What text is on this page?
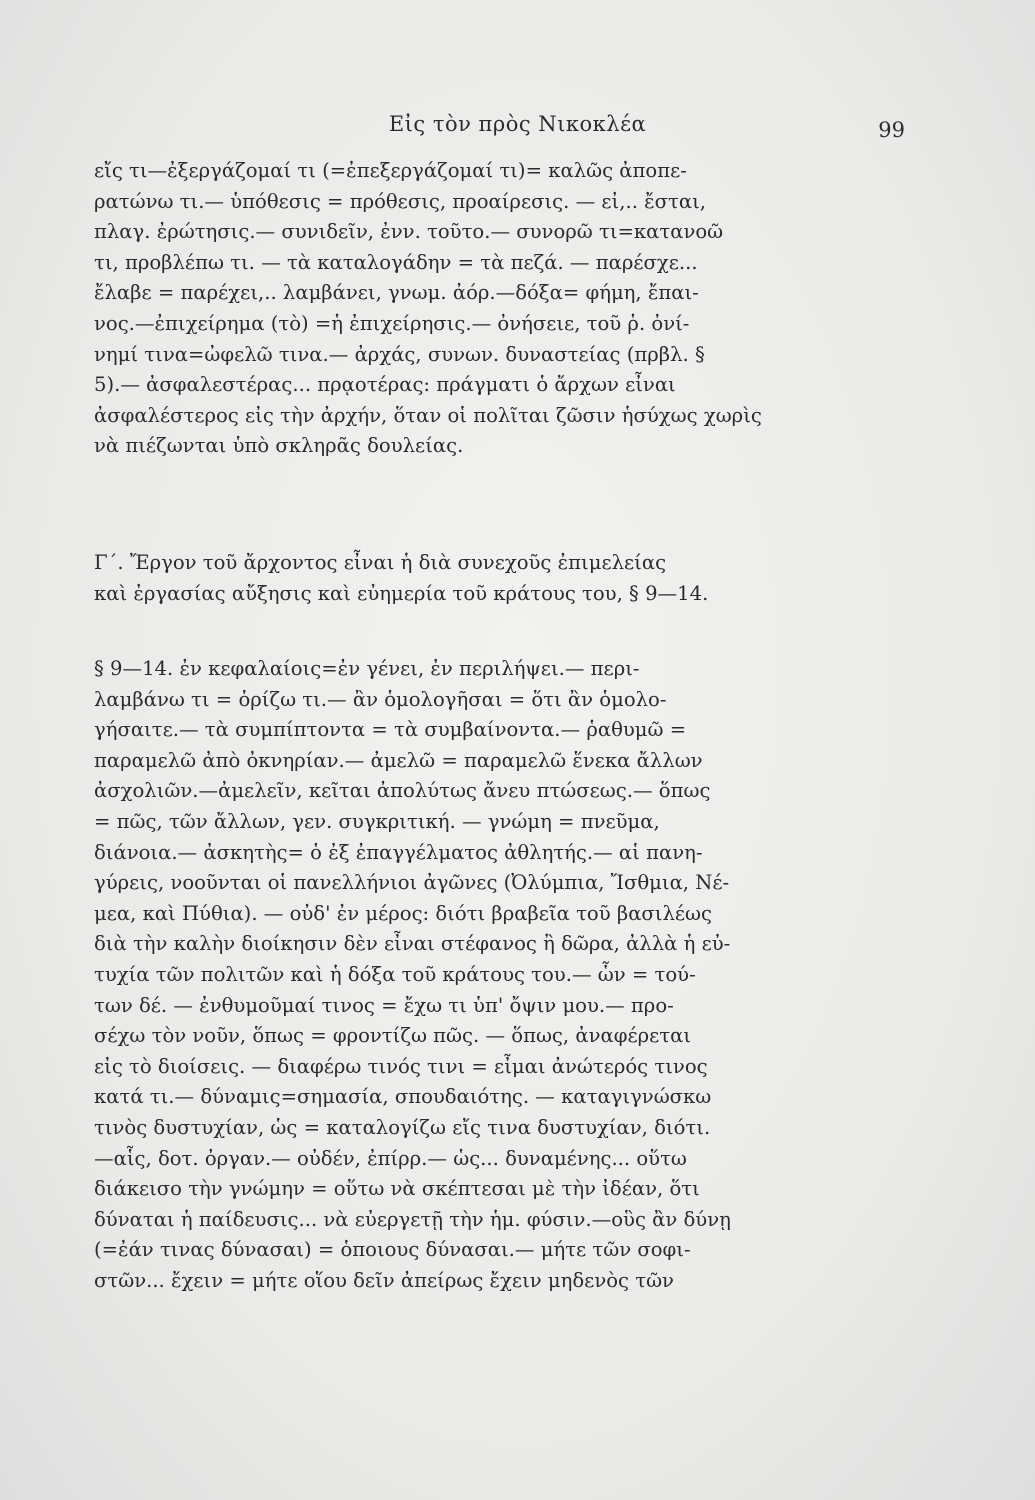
Εἰς τὸν πρὸς Νικοκλέα	99
εἴς τι—ἐξεργάζομαί τι (=ἐπεξεργάζομαί τι)= καλῶς ἀποπε-
ρατώνω τι.— ὑπόθεσις = πρόθεσις, προαίρεσις. — εἰ,.. ἔσται,
πλαγ. ἐρώτησις.— συνιδεῖν, ἐνν. τοῦτο.— συνορῶ τι=κατανοῶ
τι, προβλέπω τι. — τὰ καταλογάδην = τὰ πεζά. — παρέσχε...
ἔλαβε = παρέχει,.. λαμβάνει, γνωμ. ἀόρ.—δόξα= φήμη, ἔπαι-
νος.—ἐπιχείρημα (τὸ) =ἡ ἐπιχείρησις.— ὀνήσειε, τοῦ ῥ. ὀνί-
νημί τινα=ὠφελῶ τινα.— ἀρχάς, συνων. δυναστείας (πρβλ. §
5).— ἀσφαλεστέρας... πρᾳοτέρας: πράγματι ὁ ἄρχων εἶναι
ἀσφαλέστερος εἰς τὴν ἀρχήν, ὅταν οἱ πολῖται ζῶσιν ἡσύχως χωρὶς
νὰ πιέζωνται ὑπὸ σκληρᾶς δουλείας.
Γ΄. Ἔργον τοῦ ἄρχοντος εἶναι ἡ διὰ συνεχοῦς ἐπιμελείας
καὶ ἐργασίας αὔξησις καὶ εὐημερία τοῦ κράτους του, § 9—14.
§ 9—14. ἐν κεφαλαίοις=ἐν γένει, ἐν περιλήψει.— περι-
λαμβάνω τι = ὁρίζω τι.— ἂν ὁμολογῆσαι = ὅτι ἂν ὁμολο-
γήσαιτε.— τὰ συμπίπτοντα = τὰ συμβαίνοντα.— ῥαθυμῶ =
παραμελῶ ἀπὸ ὀκνηρίαν.— ἀμελῶ = παραμελῶ ἕνεκα ἄλλων
ἀσχολιῶν.—ἀμελεῖν, κεῖται ἀπολύτως ἄνευ πτώσεως.— ὅπως
= πῶς, τῶν ἄλλων, γεν. συγκριτική. — γνώμη = πνεῦμα,
διάνοια.— ἀσκητὴς= ὁ ἐξ ἐπαγγέλματος ἀθλητής.— αἱ πανη-
γύρεις, νοοῦνται οἱ πανελλήνιοι ἀγῶνες (Ὀλύμπια, Ἴσθμια, Νέ-
μεα, καὶ Πύθια). — οὐδ' ἐν μέρος: διότι βραβεῖα τοῦ βασιλέως
διὰ τὴν καλὴν διοίκησιν δὲν εἶναι στέφανος ἢ δῶρα, ἀλλὰ ἡ εὐ-
τυχία τῶν πολιτῶν καὶ ἡ δόξα τοῦ κράτους του.— ὧν = τού-
των δέ. — ἐνθυμοῦμαί τινος = ἔχω τι ὑπ' ὄψιν μου.— προ-
σέχω τὸν νοῦν, ὅπως = φροντίζω πῶς. — ὅπως, ἀναφέρεται
εἰς τὸ διοίσεις. — διαφέρω τινός τινι = εἶμαι ἀνώτερός τινος
κατά τι.— δύναμις=σημασία, σπουδαιότης. — καταγιγνώσκω
τινὸς δυστυχίαν, ὡς = καταλογίζω εἴς τινα δυστυχίαν, διότι.
—αἷς, δοτ. ὀργαν.— οὐδέν, ἐπίρρ.— ὡς... δυναμένης... οὕτω
διάκεισο τὴν γνώμην = οὕτω νὰ σκέπτεσαι μὲ τὴν ἰδέαν, ὅτι
δύναται ἡ παίδευσις... νὰ εὐεργετῇ τὴν ἡμ. φύσιν.—οὓς ἂν δύνῃ
(=ἐάν τινας δύνασαι) = ὁποιους δύνασαι.— μήτε τῶν σοφι-
στῶν... ἔχειν = μήτε οἵου δεῖν ἀπείρως ἔχειν μηδενὸς τῶν
